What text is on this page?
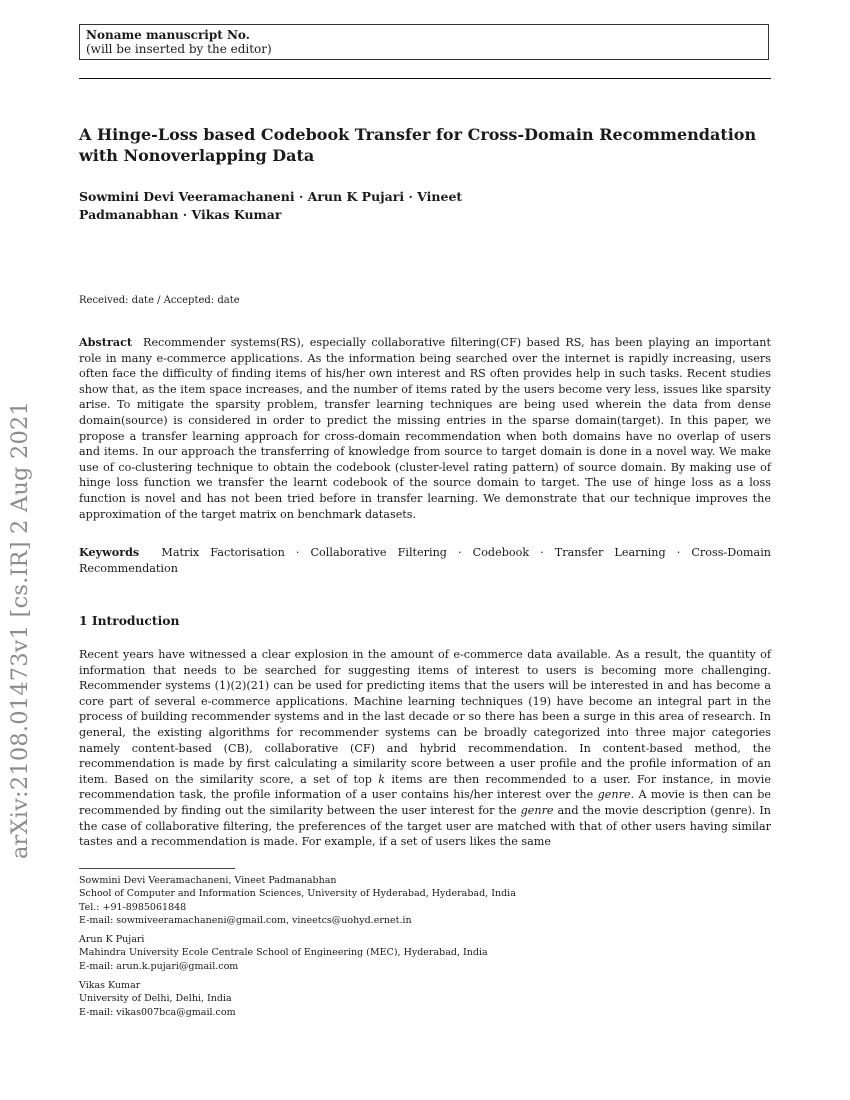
Noname manuscript No.
(will be inserted by the editor)
A Hinge-Loss based Codebook Transfer for Cross-Domain Recommendation with Nonoverlapping Data
Sowmini Devi Veeramachaneni · Arun K Pujari · Vineet Padmanabhan · Vikas Kumar
Received: date / Accepted: date
Abstract Recommender systems(RS), especially collaborative filtering(CF) based RS, has been playing an important role in many e-commerce applications. As the information being searched over the internet is rapidly increasing, users often face the difficulty of finding items of his/her own interest and RS often provides help in such tasks. Recent studies show that, as the item space increases, and the number of items rated by the users become very less, issues like sparsity arise. To mitigate the sparsity problem, transfer learning techniques are being used wherein the data from dense domain(source) is considered in order to predict the missing entries in the sparse domain(target). In this paper, we propose a transfer learning approach for cross-domain recommendation when both domains have no overlap of users and items. In our approach the transferring of knowledge from source to target domain is done in a novel way. We make use of co-clustering technique to obtain the codebook (cluster-level rating pattern) of source domain. By making use of hinge loss function we transfer the learnt codebook of the source domain to target. The use of hinge loss as a loss function is novel and has not been tried before in transfer learning. We demonstrate that our technique improves the approximation of the target matrix on benchmark datasets.
Keywords Matrix Factorisation · Collaborative Filtering · Codebook · Transfer Learning · Cross-Domain Recommendation
1 Introduction
Recent years have witnessed a clear explosion in the amount of e-commerce data available. As a result, the quantity of information that needs to be searched for suggesting items of interest to users is becoming more challenging. Recommender systems (1)(2)(21) can be used for predicting items that the users will be interested in and has become a core part of several e-commerce applications. Machine learning techniques (19) have become an integral part in the process of building recommender systems and in the last decade or so there has been a surge in this area of research. In general, the existing algorithms for recommender systems can be broadly categorized into three major categories namely content-based (CB), collaborative (CF) and hybrid recommendation. In content-based method, the recommendation is made by first calculating a similarity score between a user profile and the profile information of an item. Based on the similarity score, a set of top k items are then recommended to a user. For instance, in movie recommendation task, the profile information of a user contains his/her interest over the genre. A movie is then can be recommended by finding out the similarity between the user interest for the genre and the movie description (genre). In the case of collaborative filtering, the preferences of the target user are matched with that of other users having similar tastes and a recommendation is made. For example, if a set of users likes the same
Sowmini Devi Veeramachaneni, Vineet Padmanabhan
School of Computer and Information Sciences, University of Hyderabad, Hyderabad, India
Tel.: +91-8985061848
E-mail: sowmiveeramachaneni@gmail.com, vineetcs@uohyd.ernet.in
Arun K Pujari
Mahindra University Ecole Centrale School of Engineering (MEC), Hyderabad, India
E-mail: arun.k.pujari@gmail.com
Vikas Kumar
University of Delhi, Delhi, India
E-mail: vikas007bca@gmail.com
arXiv:2108.01473v1 [cs.IR] 2 Aug 2021
